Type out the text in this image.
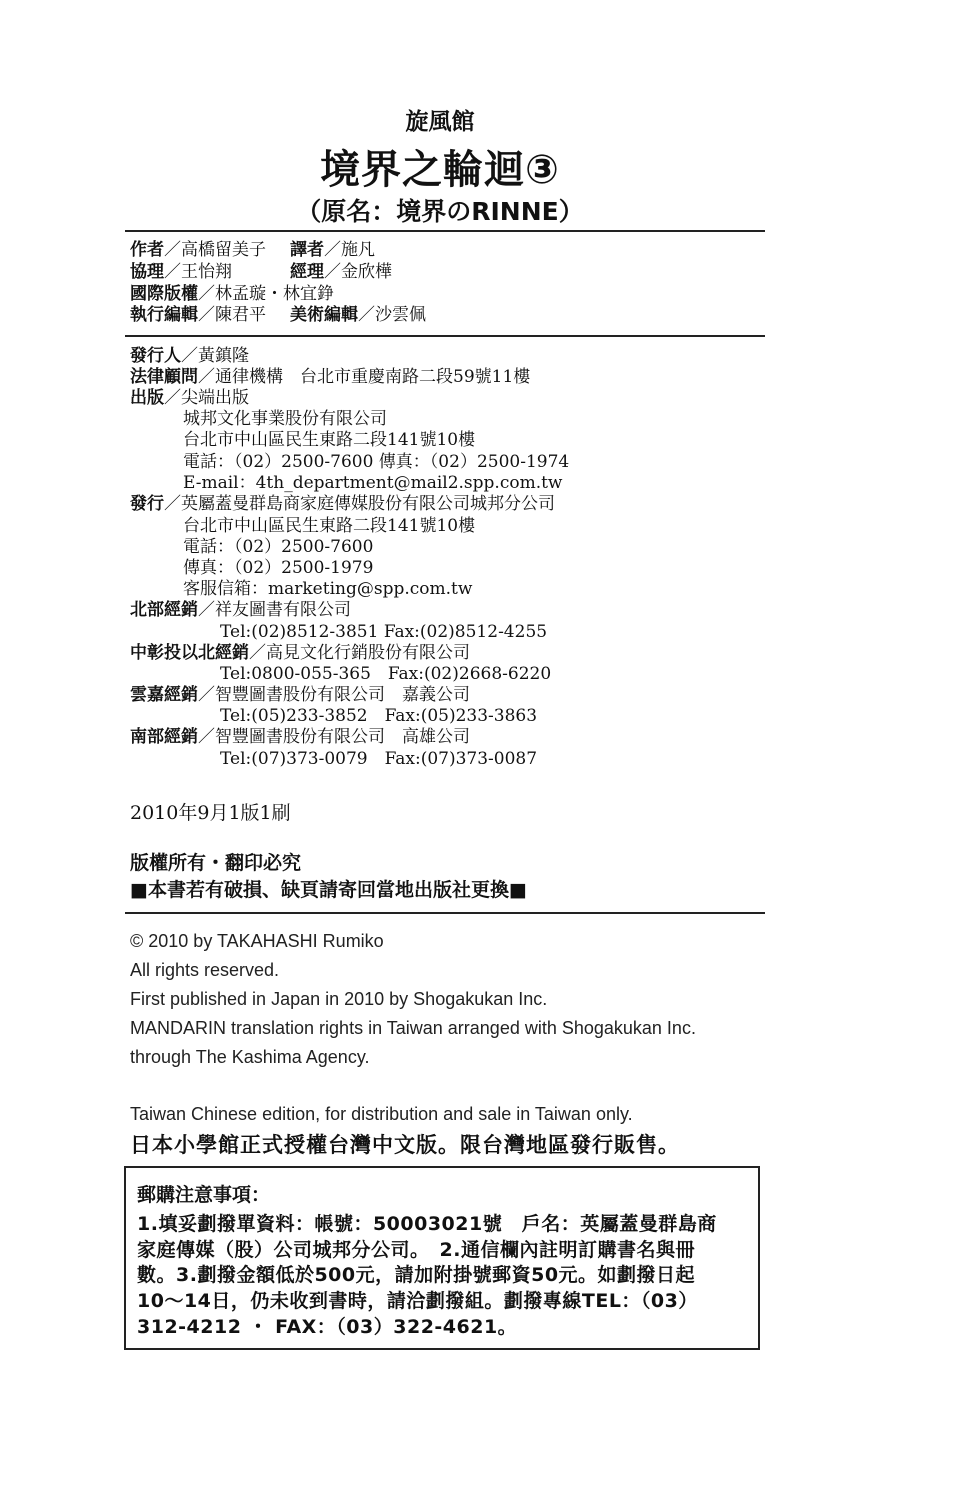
旋風館
境界之輪迴③
（原名：境界のRINNE）
作者／高橋留美子 譯者／施凡
協理／王怡翔	經理／金欣樺
國際版權／林孟璇・林宜錚
執行編輯／陳君平 美術編輯／沙雲佩
發行人／黃鎮隆
法律顧問／通律機構　台北市重慶南路二段59號11樓
出版／尖端出版
城邦文化事業股份有限公司
台北市中山區民生東路二段141號10樓
電話：（02）2500-7600 傳真：（02）2500-1974
E-mail：4th_department@mail2.spp.com.tw
發行／英屬蓋曼群島商家庭傳媒股份有限公司城邦分公司
台北市中山區民生東路二段141號10樓
電話：（02）2500-7600
傳真：（02）2500-1979
客服信箱：marketing@spp.com.tw
北部經銷／祥友圖書有限公司
Tel:(02)8512-3851 Fax:(02)8512-4255
中彰投以北經銷／高見文化行銷股份有限公司
Tel:0800-055-365　Fax:(02)2668-6220
雲嘉經銷／智豐圖書股份有限公司　嘉義公司
Tel:(05)233-3852　Fax:(05)233-3863
南部經銷／智豐圖書股份有限公司　高雄公司
Tel:(07)373-0079　Fax:(07)373-0087
2010年9月1版1刷
版權所有・翻印必究
■本書若有破損、缺頁請寄回當地出版社更換■
© 2010 by TAKAHASHI Rumiko
All rights reserved.
First published in Japan in 2010 by Shogakukan Inc.
MANDARIN translation rights in Taiwan arranged with Shogakukan Inc.
through The Kashima Agency.
Taiwan Chinese edition, for distribution and sale in Taiwan only.
日本小學館正式授權台灣中文版。限台灣地區發行販售。
郵購注意事項：
1.填妥劃撥單資料：帳號：50003021號　戶名：英屬蓋曼群島商
家庭傳媒（股）公司城邦分公司。　2.通信欄內註明訂購書名與冊
數。3.劃撥金額低於500元，請加附掛號郵資50元。如劃撥日起
10～14日，仍未收到書時，請洽劃撥組。劃撥專線TEL：（03）
312-4212 ・ FAX：（03）322-4621。
